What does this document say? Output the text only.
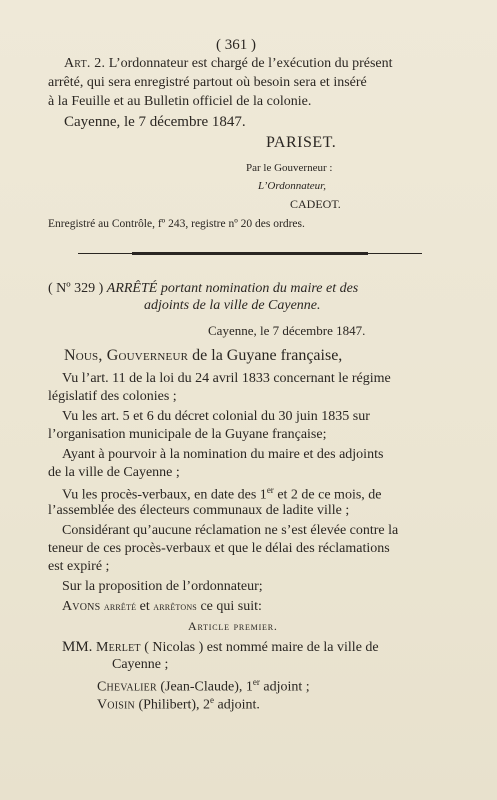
( 361 )
Art. 2. L’ordonnateur est chargé de l’exécution du présent
arrêté, qui sera enregistré partout où besoin sera et inséré
à la Feuille et au Bulletin officiel de la colonie.
Cayenne, le 7 décembre 1847.
PARISET.
Par le Gouverneur :
L’Ordonnateur,
CADEOT.
Enregistré au Contrôle, fº 243, registre nº 20 des ordres.
( Nº 329 ) ARRÊTÉ portant nomination du maire et des
adjoints de la ville de Cayenne.
Cayenne, le 7 décembre 1847.
Nous, Gouverneur de la Guyane française,
Vu l’art. 11 de la loi du 24 avril 1833 concernant le régime
législatif des colonies ;
Vu les art. 5 et 6 du décret colonial du 30 juin 1835 sur
l’organisation municipale de la Guyane française;
Ayant à pourvoir à la nomination du maire et des adjoints
de la ville de Cayenne ;
Vu les procès-verbaux, en date des 1er et 2 de ce mois, de
l’assemblée des électeurs communaux de ladite ville ;
Considérant qu’aucune réclamation ne s’est élevée contre la
teneur de ces procès-verbaux et que le délai des réclamations
est expiré ;
Sur la proposition de l’ordonnateur;
Avons arrêté et arrêtons ce qui suit:
Article premier.
MM. Merlet ( Nicolas ) est nommé maire de la ville de
Cayenne ;
Chevalier (Jean-Claude), 1er adjoint ;
Voisin (Philibert), 2e adjoint.
